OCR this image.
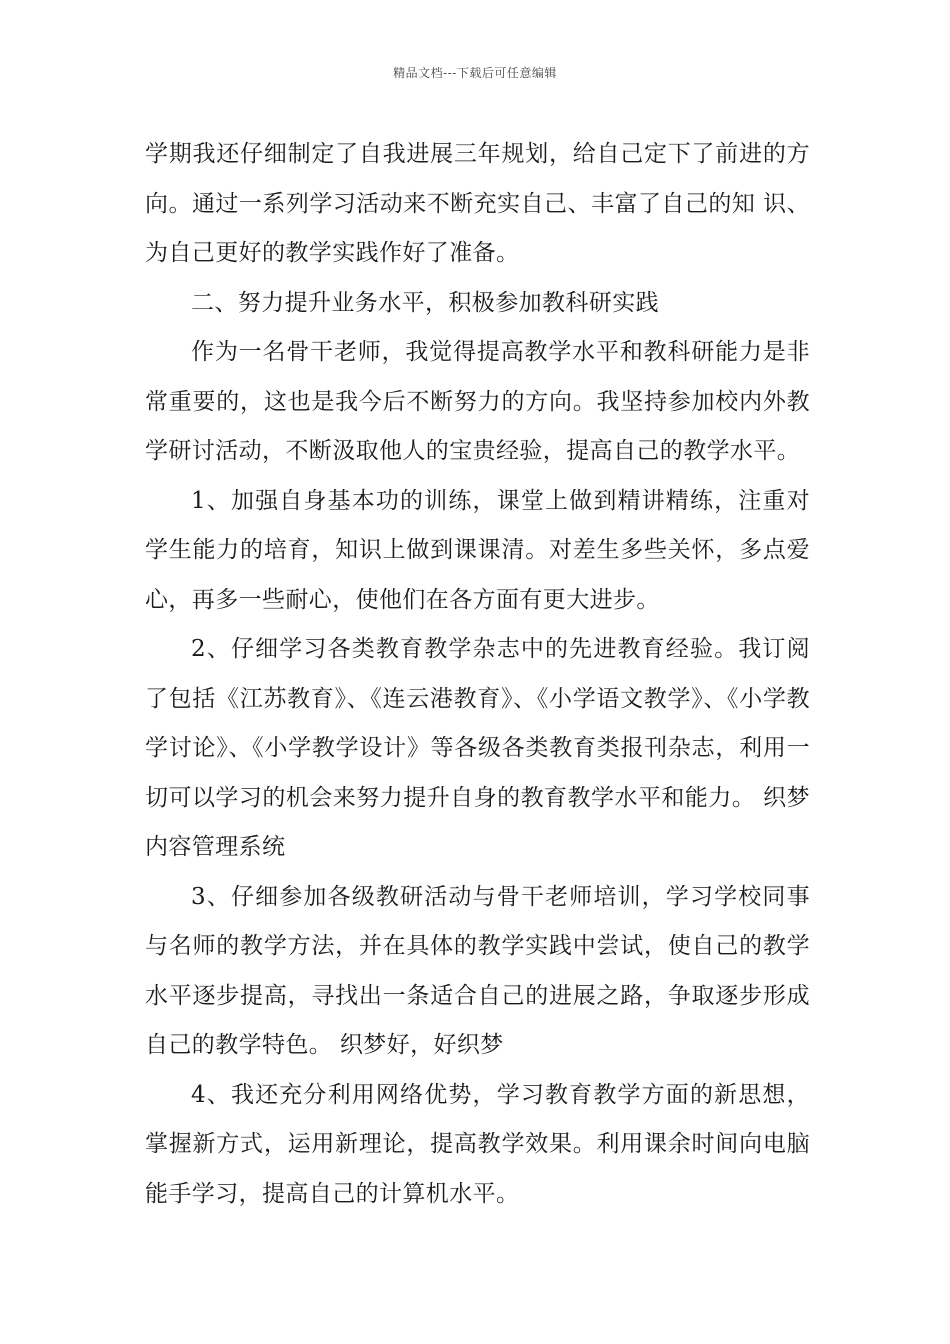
精品文档---下载后可任意编辑

学期我还仔细制定了自我进展三年规划，给自己定下了前进的方向。通过一系列学习活动来不断充实自己、丰富了自己的知 识、为自己更好的教学实践作好了准备。

二、努力提升业务水平，积极参加教科研实践

作为一名骨干老师，我觉得提高教学水平和教科研能力是非常重要的，这也是我今后不断努力的方向。我坚持参加校内外教学研讨活动，不断汲取他人的宝贵经验，提高自己的教学水平。

1、加强自身基本功的训练，课堂上做到精讲精练，注重对学生能力的培育，知识上做到课课清。对差生多些关怀，多点爱心，再多一些耐心，使他们在各方面有更大进步。

2、仔细学习各类教育教学杂志中的先进教育经验。我订阅了包括《江苏教育》、《连云港教育》、《小学语文教学》、《小学教学讨论》、《小学教学设计》等各级各类教育类报刊杂志，利用一切可以学习的机会来努力提升自身的教育教学水平和能力。 织梦内容管理系统

3、仔细参加各级教研活动与骨干老师培训，学习学校同事与名师的教学方法，并在具体的教学实践中尝试，使自己的教学水平逐步提高，寻找出一条适合自己的进展之路，争取逐步形成自己的教学特色。 织梦好，好织梦

4、我还充分利用网络优势，学习教育教学方面的新思想，掌握新方式，运用新理论，提高教学效果。利用课余时间向电脑能手学习，提高自己的计算机水平。
